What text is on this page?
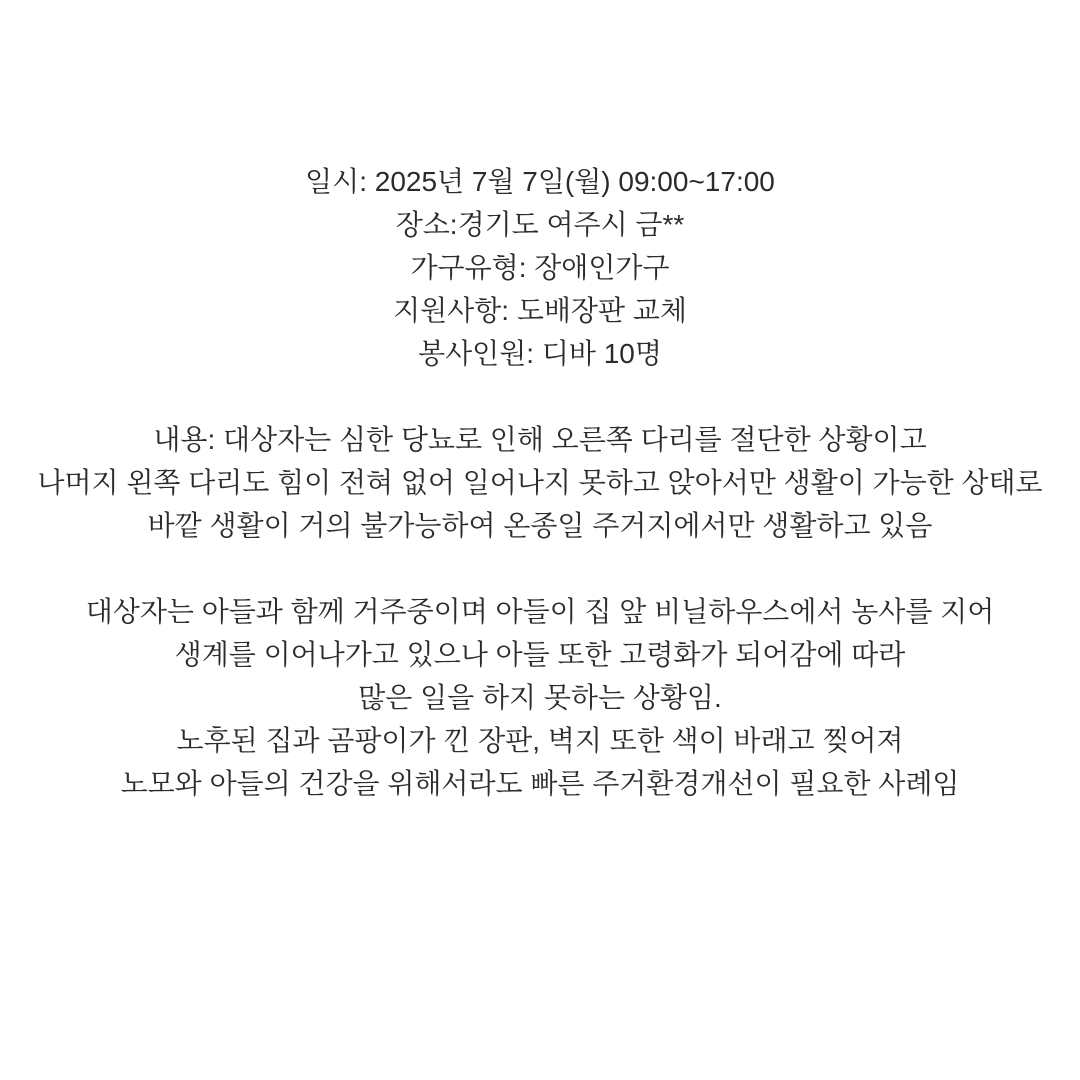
일시: 2025년 7월 7일(월) 09:00~17:00
장소:경기도 여주시 금**
가구유형: 장애인가구
지원사항: 도배장판 교체
봉사인원: 디바 10명
내용: 대상자는 심한 당뇨로 인해 오른쪽 다리를 절단한 상황이고
나머지 왼쪽 다리도 힘이 전혀 없어 일어나지 못하고 앉아서만 생활이 가능한 상태로
바깥 생활이 거의 불가능하여 온종일 주거지에서만 생활하고 있음
대상자는 아들과 함께 거주중이며 아들이 집 앞 비닐하우스에서 농사를 지어
생계를 이어나가고 있으나 아들 또한 고령화가 되어감에 따라
많은 일을 하지 못하는 상황임.
노후된 집과 곰팡이가 낀 장판, 벽지 또한 색이 바래고 찢어져
노모와 아들의 건강을 위해서라도 빠른 주거환경개선이 필요한 사례임
